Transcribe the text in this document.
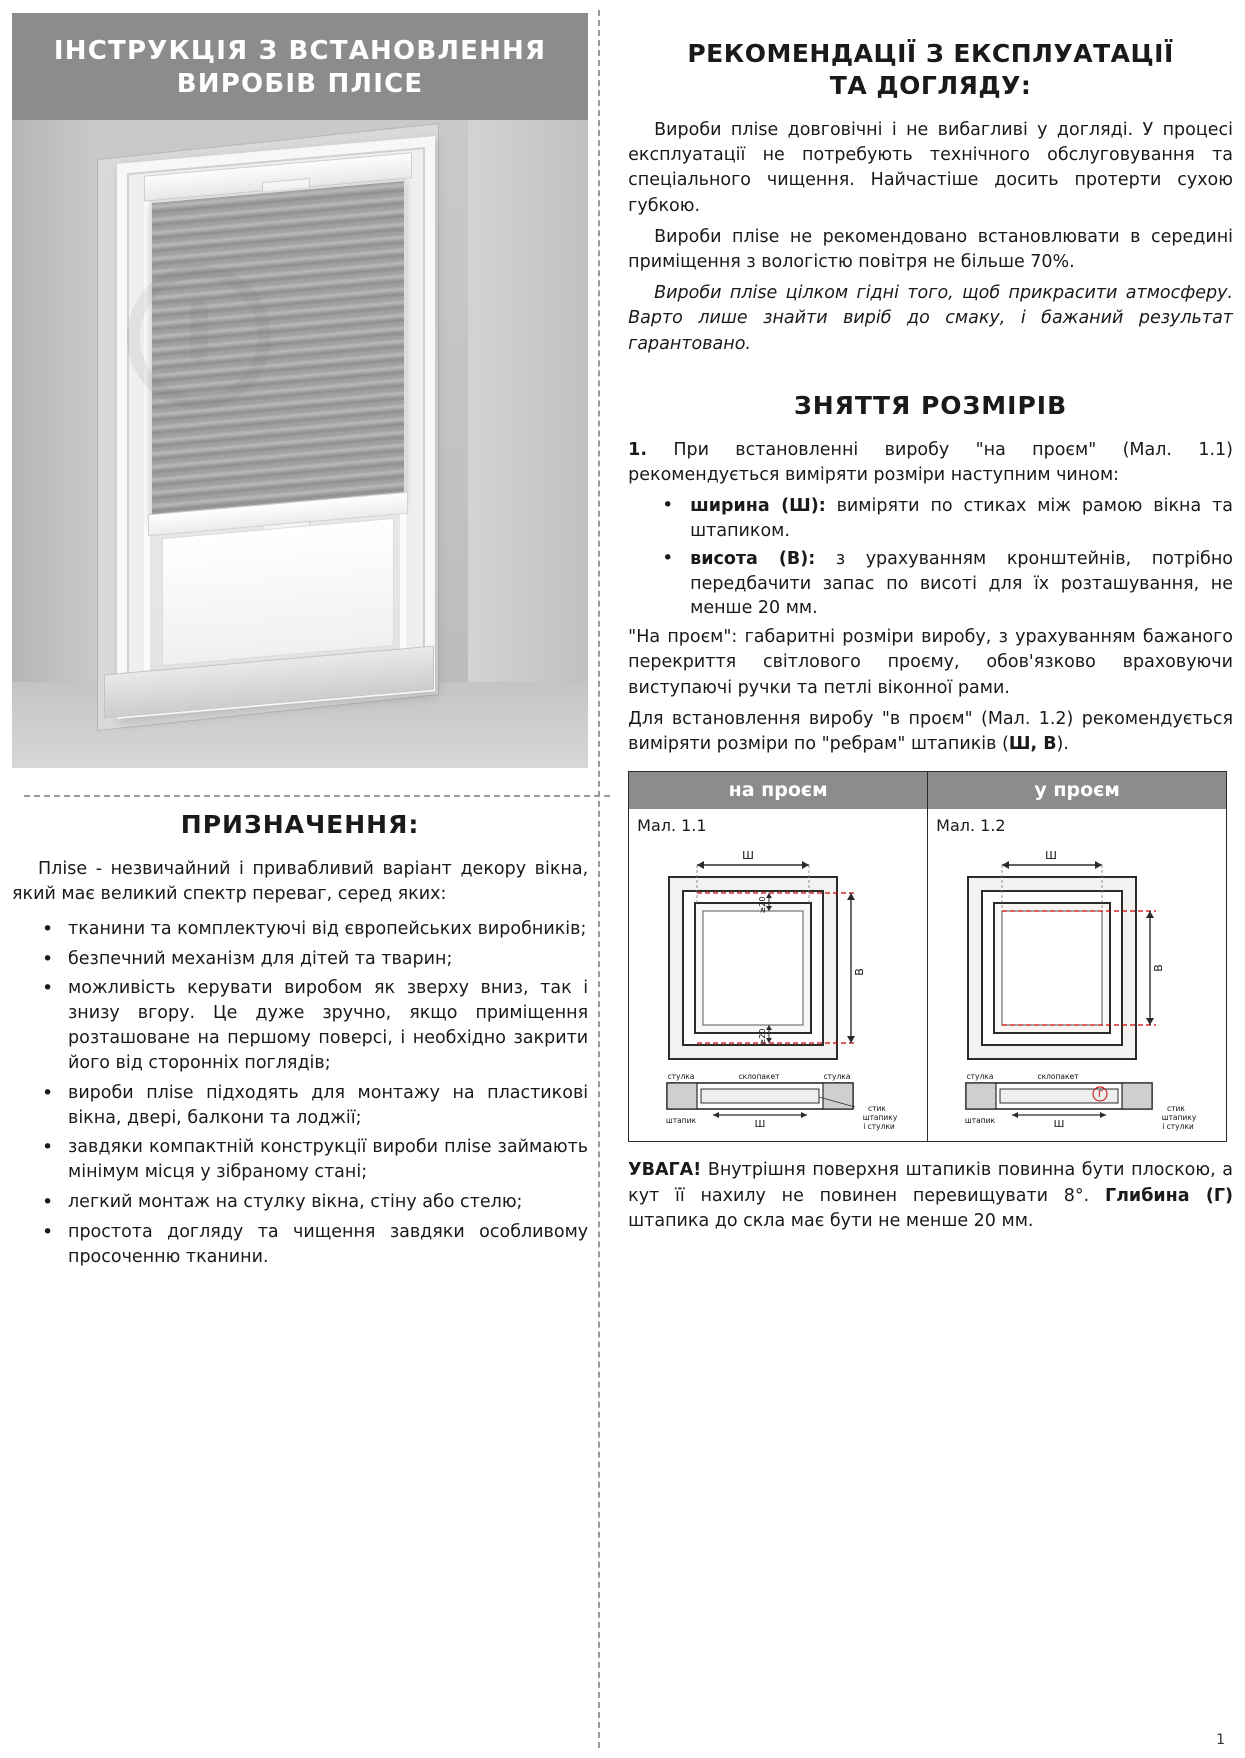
ІНСТРУКЦІЯ З ВСТАНОВЛЕННЯ
ВИРОБІВ ПЛІСЕ
ПРИЗНАЧЕННЯ:

Пліse - незвичайний і привабливий варіант декору вікна, який має великий спектр переваг, серед яких:

• тканини та комплектуючі від європейських виробників;
• безпечний механізм для дітей та тварин;
• можливість керувати виробом як зверху вниз, так і знизу вгору. Це дуже зручно, якщо приміщення розташоване на першому поверсі, і необхідно закрити його від сторонніх поглядів;
• вироби пліse підходять для монтажу на пластикові вікна, двері, балкони та лоджії;
• завдяки компактній конструкції вироби пліse займають мінімум місця у зібраному стані;
• легкий монтаж на стулку вікна, стіну або стелю;
• простота догляду та чищення завдяки особливому просоченню тканини.
РЕКОМЕНДАЦІЇ З ЕКСПЛУАТАЦІЇ
ТА ДОГЛЯДУ:

Вироби пліse довговічні і не вибагливі у догляді. У процесі експлуатації не потребують технічного обслуговування та спеціального чищення. Найчастіше досить протерти сухою губкою.

Вироби пліse не рекомендовано встановлювати в середині приміщення з вологістю повітря не більше 70%.

Вироби пліse цілком гідні того, щоб прикрасити атмосферу. Варто лише знайти виріб до смаку, і бажаний результат гарантовано.

ЗНЯТТЯ РОЗМІРІВ

1. При встановленні виробу "на проєм" (Мал. 1.1) рекомендується виміряти розміри наступним чином:

• ширина (Ш): виміряти по стиках між рамою вікна та штапиком.
• висота (В): з урахуванням кронштейнів, потрібно передбачити запас по висоті для їх розташування, не менше 20 мм.

"На проєм": габаритні розміри виробу, з урахуванням бажаного перекриття світлового проєму, обов'язково враховуючи виступаючі ручки та петлі віконної рами.

Для встановлення виробу "в проєм" (Мал. 1.2) рекомендується виміряти розміри по "ребрам" штапиків (Ш, В).

на проєм	у проєм
Мал. 1.1
Ш
В
≥20
≥20
стулка	склопакет	стулка
штапик	Ш
стик
штапику
і стулки
Мал. 1.2
Ш
В
стулка	склопакет
штапик	Ш
Г
стик
штапику
і стулки

УВАГА! Внутрішня поверхня штапиків повинна бути плоскою, а кут її нахилу не повинен перевищувати 8°. Глибина (Г) штапика до скла має бути не менше 20 мм.

1
